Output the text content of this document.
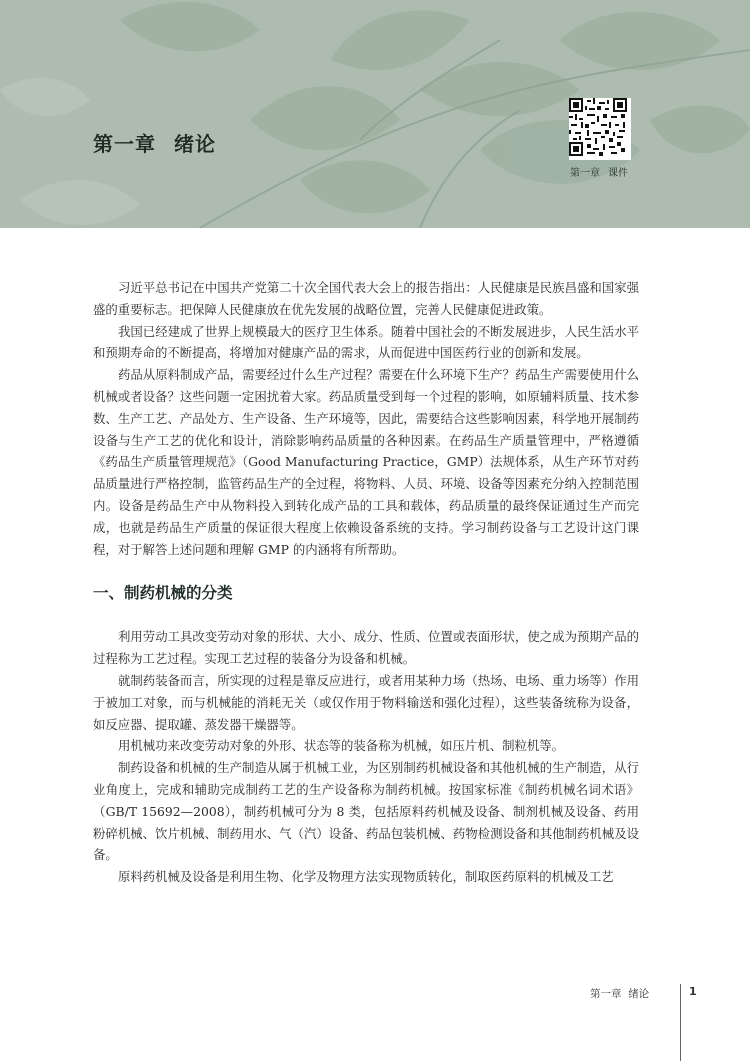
第一章 绪论
第一章 课件

习近平总书记在中国共产党第二十次全国代表大会上的报告指出：人民健康是民族昌盛和国家强盛的重要标志。把保障人民健康放在优先发展的战略位置，完善人民健康促进政策。

我国已经建成了世界上规模最大的医疗卫生体系。随着中国社会的不断发展进步，人民生活水平和预期寿命的不断提高，将增加对健康产品的需求，从而促进中国医药行业的创新和发展。

药品从原料制成产品，需要经过什么生产过程？需要在什么环境下生产？药品生产需要使用什么机械或者设备？这些问题一定困扰着大家。药品质量受到每一个过程的影响，如原辅料质量、技术参数、生产工艺、产品处方、生产设备、生产环境等，因此，需要结合这些影响因素，科学地开展制药设备与生产工艺的优化和设计，消除影响药品质量的各种因素。在药品生产质量管理中，严格遵循《药品生产质量管理规范》（Good Manufacturing Practice，GMP）法规体系，从生产环节对药品质量进行严格控制，监管药品生产的全过程，将物料、人员、环境、设备等因素充分纳入控制范围内。设备是药品生产中从物料投入到转化成产品的工具和载体，药品质量的最终保证通过生产而完成，也就是药品生产质量的保证很大程度上依赖设备系统的支持。学习制药设备与工艺设计这门课程，对于解答上述问题和理解 GMP 的内涵将有所帮助。

一、制药机械的分类

利用劳动工具改变劳动对象的形状、大小、成分、性质、位置或表面形状，使之成为预期产品的过程称为工艺过程。实现工艺过程的装备分为设备和机械。

就制药装备而言，所实现的过程是靠反应进行，或者用某种力场（热场、电场、重力场等）作用于被加工对象，而与机械能的消耗无关（或仅作用于物料输送和强化过程），这些装备统称为设备，如反应器、提取罐、蒸发器干燥器等。

用机械功来改变劳动对象的外形、状态等的装备称为机械，如压片机、制粒机等。

制药设备和机械的生产制造从属于机械工业，为区别制药机械设备和其他机械的生产制造，从行业角度上，完成和辅助完成制药工艺的生产设备称为制药机械。按国家标准《制药机械名词术语》（GB/T 15692—2008），制药机械可分为 8 类，包括原料药机械及设备、制剂机械及设备、药用粉碎机械、饮片机械、制药用水、气（汽）设备、药品包装机械、药物检测设备和其他制药机械及设备。

原料药机械及设备是利用生物、化学及物理方法实现物质转化，制取医药原料的机械及工艺

第一章 绪论	1
